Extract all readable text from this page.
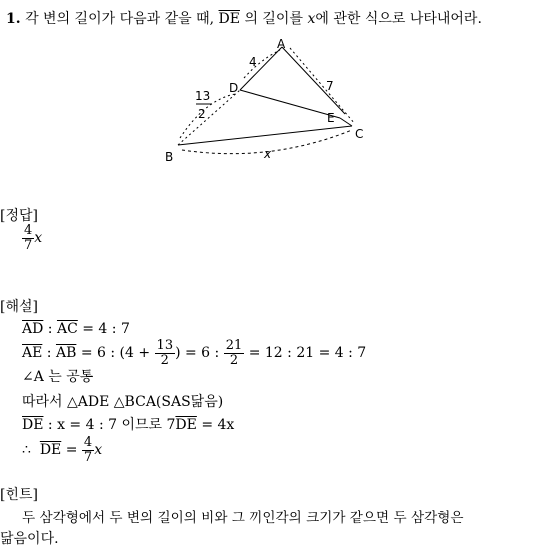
1. 각 변의 길이가 다음과 같을 때, $\overline{DE}$ 의 길이를 x에 관한 식으로 나타내어라.
A
D
E
C
B
4
7
13
2
x
[정답]
$\frac{4}{7}$ x
[해설]
$\overline{AD}$ : $\overline{AC} = 4$ : 7
$\overline{AE}$ : $\overline{AB} = 6$ : ($4 + \frac{13}{2}$ ) = 6 : $\frac{21}{2} = 12$ : 21 = 4 : 7
∠A 는 공통
따라서 △ADE △BCA(SAS닮음)
$\overline{DE}$ : x = 4 : 7 이므로 $7\overline{DE} = 4x$
∴ $\overline{DE} = \frac{4}{7}$ x
[힌트]
두 삼각형에서 두 변의 길이의 비와 그 끼인각의 크기가 같으면 두 삼각형은
닮음이다.
